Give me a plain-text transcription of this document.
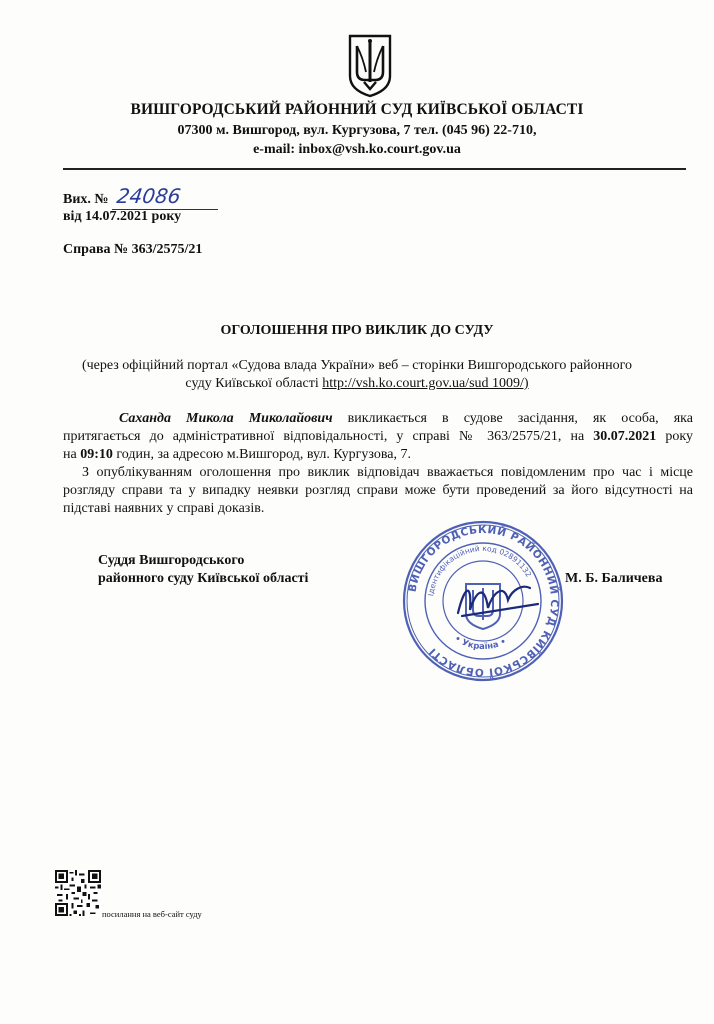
ВИШГОРОДСЬКИЙ РАЙОННИЙ СУД КИЇВСЬКОЇ ОБЛАСТІ
07300 м. Вишгород, вул. Кургузова, 7 тел. (045 96) 22-710,
e-mail: inbox@vsh.ko.court.gov.ua
Вих. № 24086
від 14.07.2021 року
Справа № 363/2575/21
ОГОЛОШЕННЯ ПРО ВИКЛИК ДО СУДУ
(через офіційний портал «Судова влада України» веб – сторінки Вишгородського районного
суду Київської області http://vsh.ko.court.gov.ua/sud 1009/)
Саханда Микола Миколайович викликається в судове засідання, як особа, яка
притягається до адміністративної відповідальності, у справі № 363/2575/21, на 30.07.2021 року
на 09:10 годин, за адресою м.Вишгород, вул. Кургузова, 7.
З опублікуванням оголошення про виклик відповідач вважається повідомленим про час і місце
розгляду справи та у випадку неявки розгляд справи може бути проведений за його відсутності на
підставі наявних у справі доказів.
Суддя Вишгородського
районного суду Київської області
ВИШГОРОДСЬКИЙ РАЙОННИЙ СУД КИЇВСЬКОЇ ОБЛАСТІ
Ідентифікаційний код 02891132
• Україна •
М. Б. Баличева
посилання на веб-сайт суду
